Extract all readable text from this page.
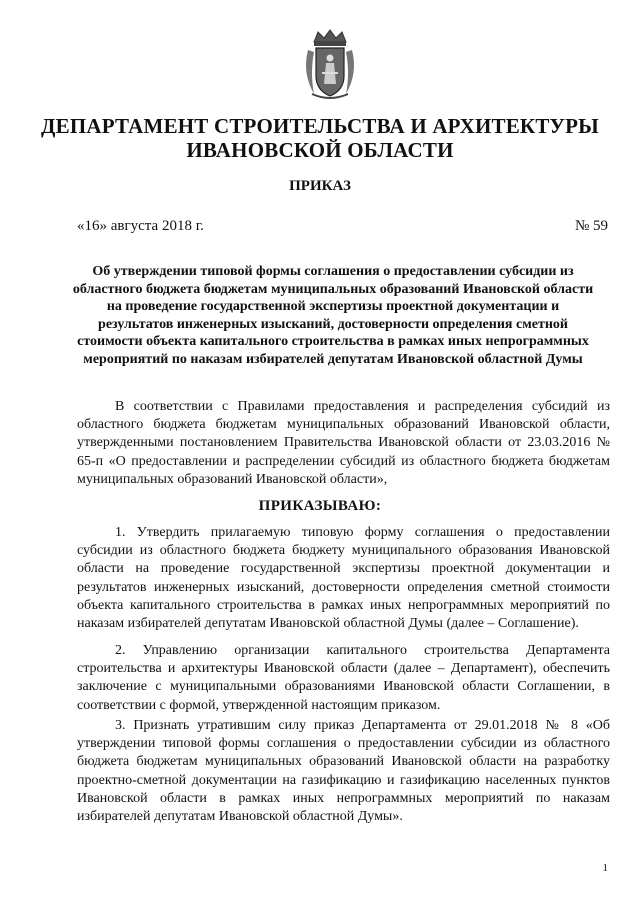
ДЕПАРТАМЕНТ СТРОИТЕЛЬСТВА И АРХИТЕКТУРЫ
ИВАНОВСКОЙ ОБЛАСТИ
ПРИКАЗ
«16» августа 2018 г.	№ 59
Об утверждении типовой формы соглашения о предоставлении субсидии из областного бюджета бюджетам муниципальных образований Ивановской области на проведение государственной экспертизы проектной документации и результатов инженерных изысканий, достоверности определения сметной стоимости объекта капитального строительства в рамках иных непрограммных мероприятий по наказам избирателей депутатам Ивановской областной Думы

В соответствии с Правилами предоставления и распределения субсидий из областного бюджета бюджетам муниципальных образований Ивановской области, утвержденными постановлением Правительства Ивановской области от 23.03.2016 № 65-п «О предоставлении и распределении субсидий из областного бюджета бюджетам муниципальных образований Ивановской области»,

ПРИКАЗЫВАЮ:

1. Утвердить прилагаемую типовую форму соглашения о предоставлении субсидии из областного бюджета бюджету муниципального образования Ивановской области на проведение государственной экспертизы проектной документации и результатов инженерных изысканий, достоверности определения сметной стоимости объекта капитального строительства в рамках иных непрограммных мероприятий по наказам избирателей депутатам Ивановской областной Думы (далее – Соглашение).

2. Управлению организации капитального строительства Департамента строительства и архитектуры Ивановской области (далее – Департамент), обеспечить заключение с муниципальными образованиями Ивановской области Соглашении, в соответствии с формой, утвержденной настоящим приказом.

3. Признать утратившим силу приказ Департамента от 29.01.2018 № 8 «Об утверждении типовой формы соглашения о предоставлении субсидии из областного бюджета бюджетам муниципальных образований Ивановской области на разработку проектно-сметной документации на газификацию и газификацию населенных пунктов Ивановской области в рамках иных непрограммных мероприятий по наказам избирателей депутатам Ивановской областной Думы».

1
